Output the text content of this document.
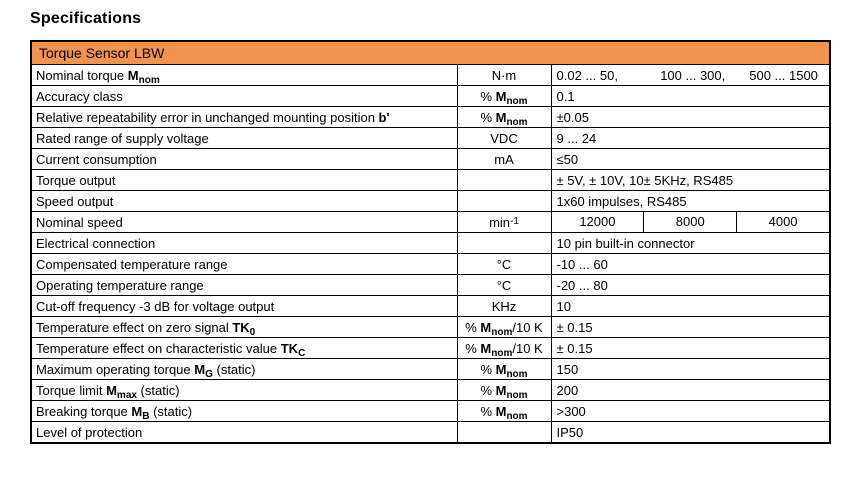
Specifications
Torque Sensor LBW		
Nominal torque $M_{nom}$	N·m	0.02 ... 50, 100 ... 300, 500 ... 1500

Accuracy class	% $M_{nom}$	0.1
Relative repeatability error in unchanged mounting position b'	% $M_{nom}$	±0.05
Rated range of supply voltage	VDC	9 ... 24
Current consumption	mA	≤50
Torque output		± 5V, ± 10V, 10± 5KHz, RS485
Speed output		1x60 impulses, RS485
Nominal speed	$\min^{-1}$	12000 8000 4000

Electrical connection		10 pin built-in connector
Compensated temperature range	°C	-10 ... 60
Operating temperature range	°C	-20 ... 80
Cut-off frequency -3 dB for voltage output	KHz	10
Temperature effect on zero signal $TK_0$	% $M_{nom}/10$ K	± 0.15
Temperature effect on characteristic value $TK_C$	% $M_{nom}/10$ K	± 0.15
Maximum operating torque $M_G$ (static)	% $M_{nom}$	150
Torque limit $M_{max}$ (static)	% $M_{nom}$	200
Breaking torque $M_B$ (static)	% $M_{nom}$	>300
Level of protection		IP50
